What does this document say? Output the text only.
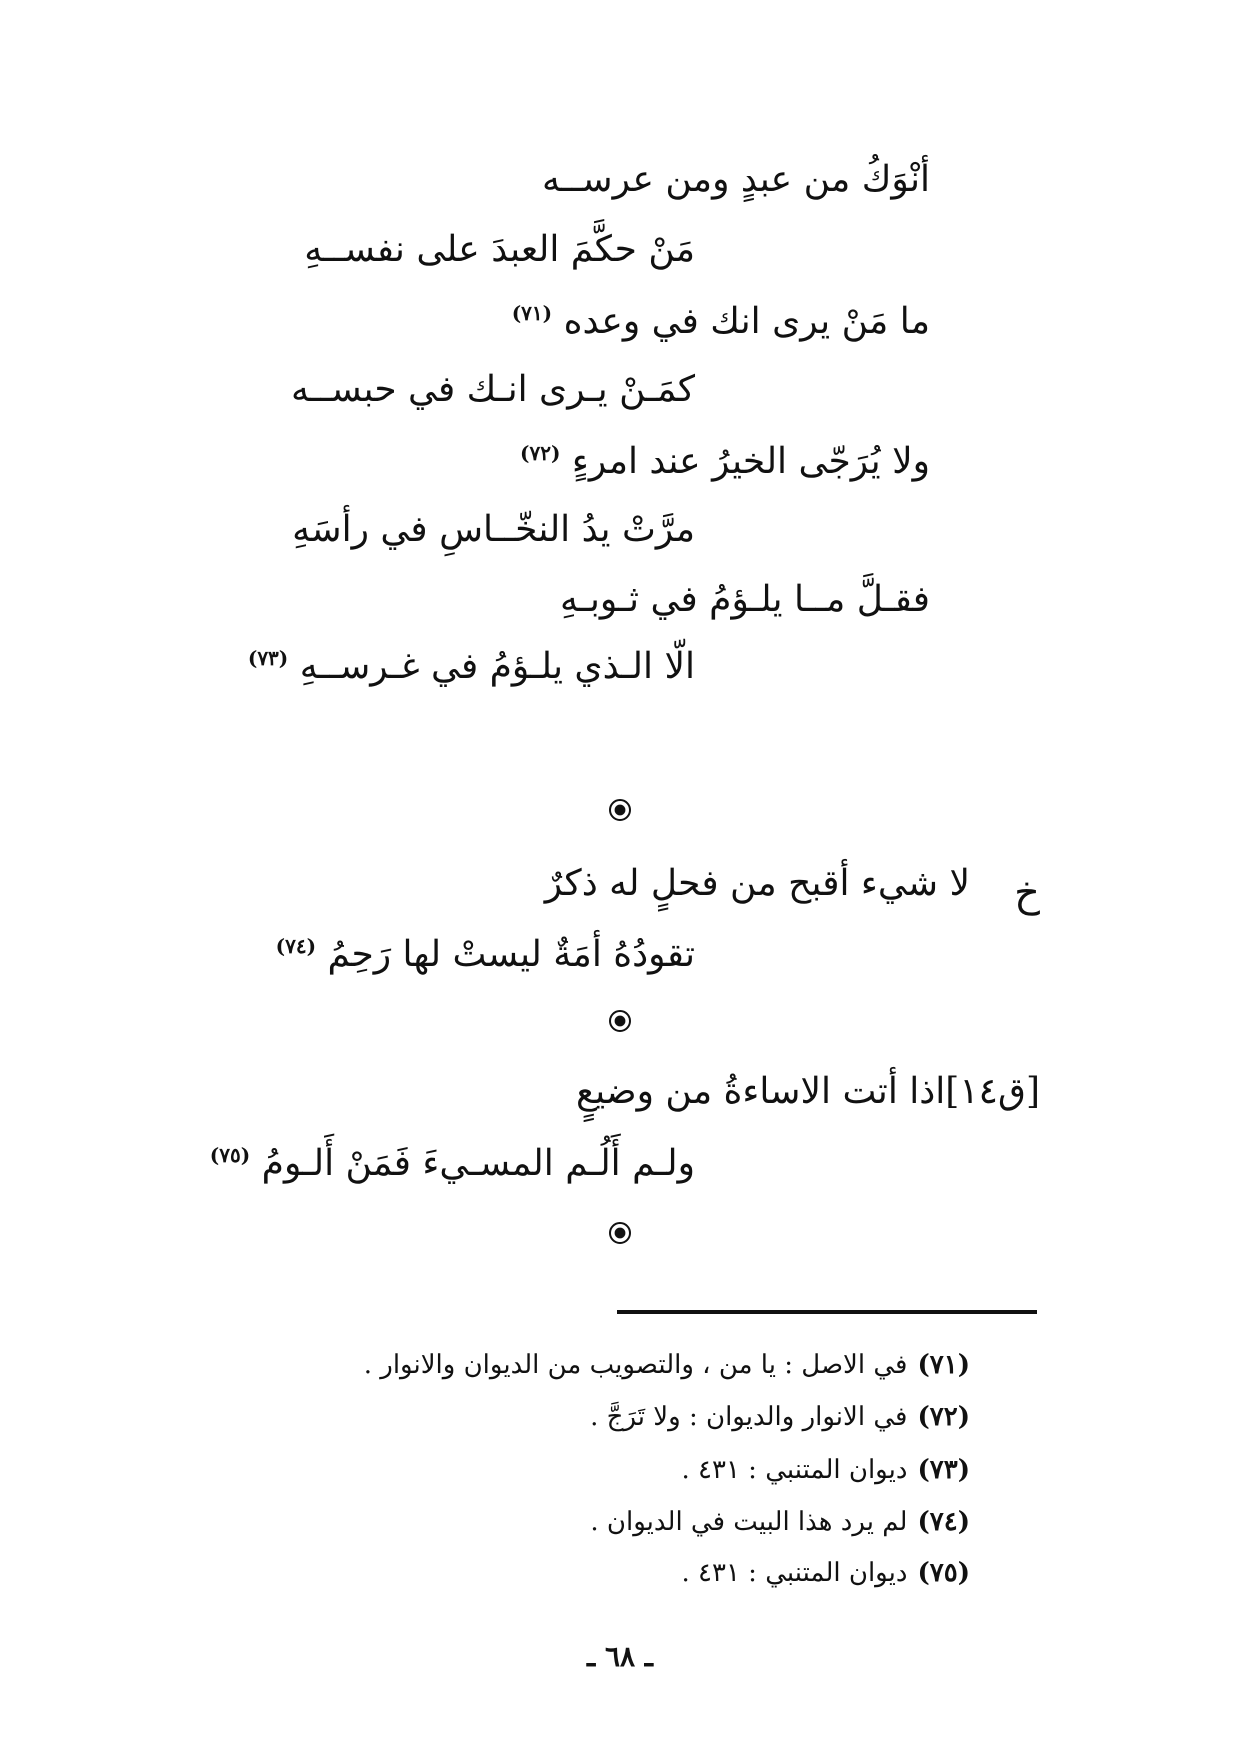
أنْوَكُ من عبدٍ ومن عرســه
مَنْ حكَّمَ العبدَ على نفســهِ
ما مَنْ يرى انك في وعده $^{(٧١)}$
كمَـنْ يـرى انـك في حبســه
ولا يُرَجّى الخيرُ عند امرءٍ $^{(٧٢)}$
مرَّتْ يدُ النخّــاسِ في رأسَهِ
فقـلَّ مــا يلـؤمُ في ثـوبـهِ
الّا الـذي يلـؤمُ في غـرســهِ $^{(٧٣)}$
خ
لا شيء أقبح من فحلٍ له ذكرٌ
تقودُهُ أمَةٌ ليستْ لها رَحِمُ $^{(٧٤)}$
[ق١٤]اذا أتت الاساءةُ من وضيعٍ
ولـم أَلُـم المسـيءَ فَمَنْ أَلـومُ $^{(٧٥)}$
(٧١)في الاصل : يا من ، والتصويب من الديوان والانوار .
(٧٢)في الانوار والديوان : ولا تَرَجَّ .
(٧٣)ديوان المتنبي : ٤٣١ .
(٧٤)لم يرد هذا البيت في الديوان .
(٧٥)ديوان المتنبي : ٤٣١ .
ـ ٦٨ ـ
